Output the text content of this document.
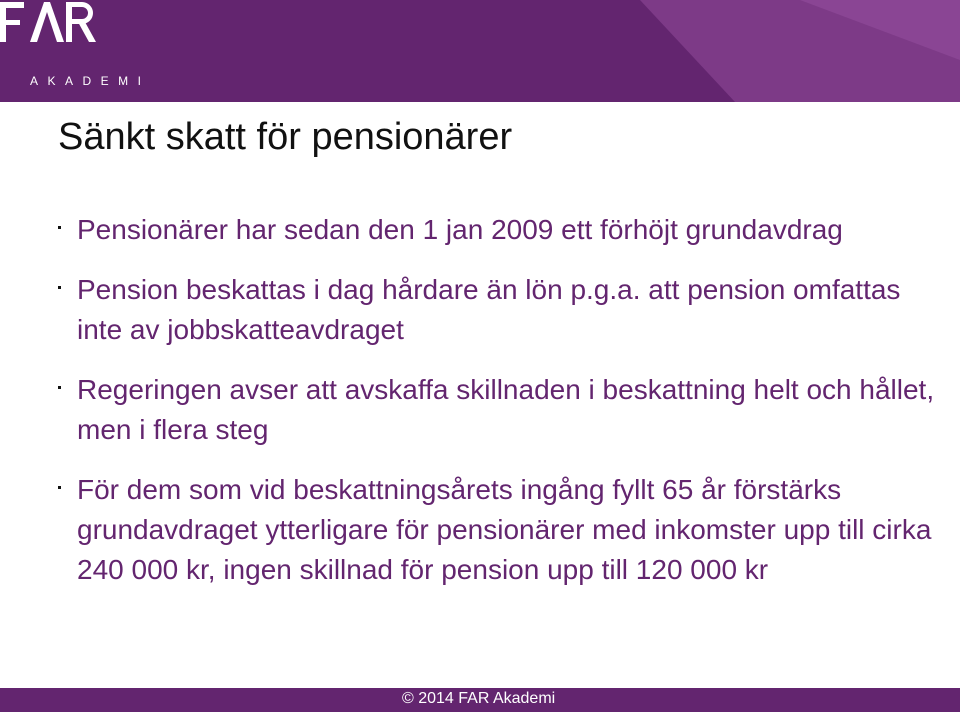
AKADEMI
Sänkt skatt för pensionärer
Pensionärer har sedan den 1 jan 2009 ett förhöjt grundavdrag
Pension beskattas i dag hårdare än lön p.g.a. att pension omfattas inte av jobbskatteavdraget
Regeringen avser att avskaffa skillnaden i beskattning helt och hållet, men i flera steg
För dem som vid beskattningsårets ingång fyllt 65 år förstärks grundavdraget ytterligare för pensionärer med inkomster upp till cirka 240 000 kr, ingen skillnad för pension upp till 120 000 kr
© 2014 FAR Akademi
